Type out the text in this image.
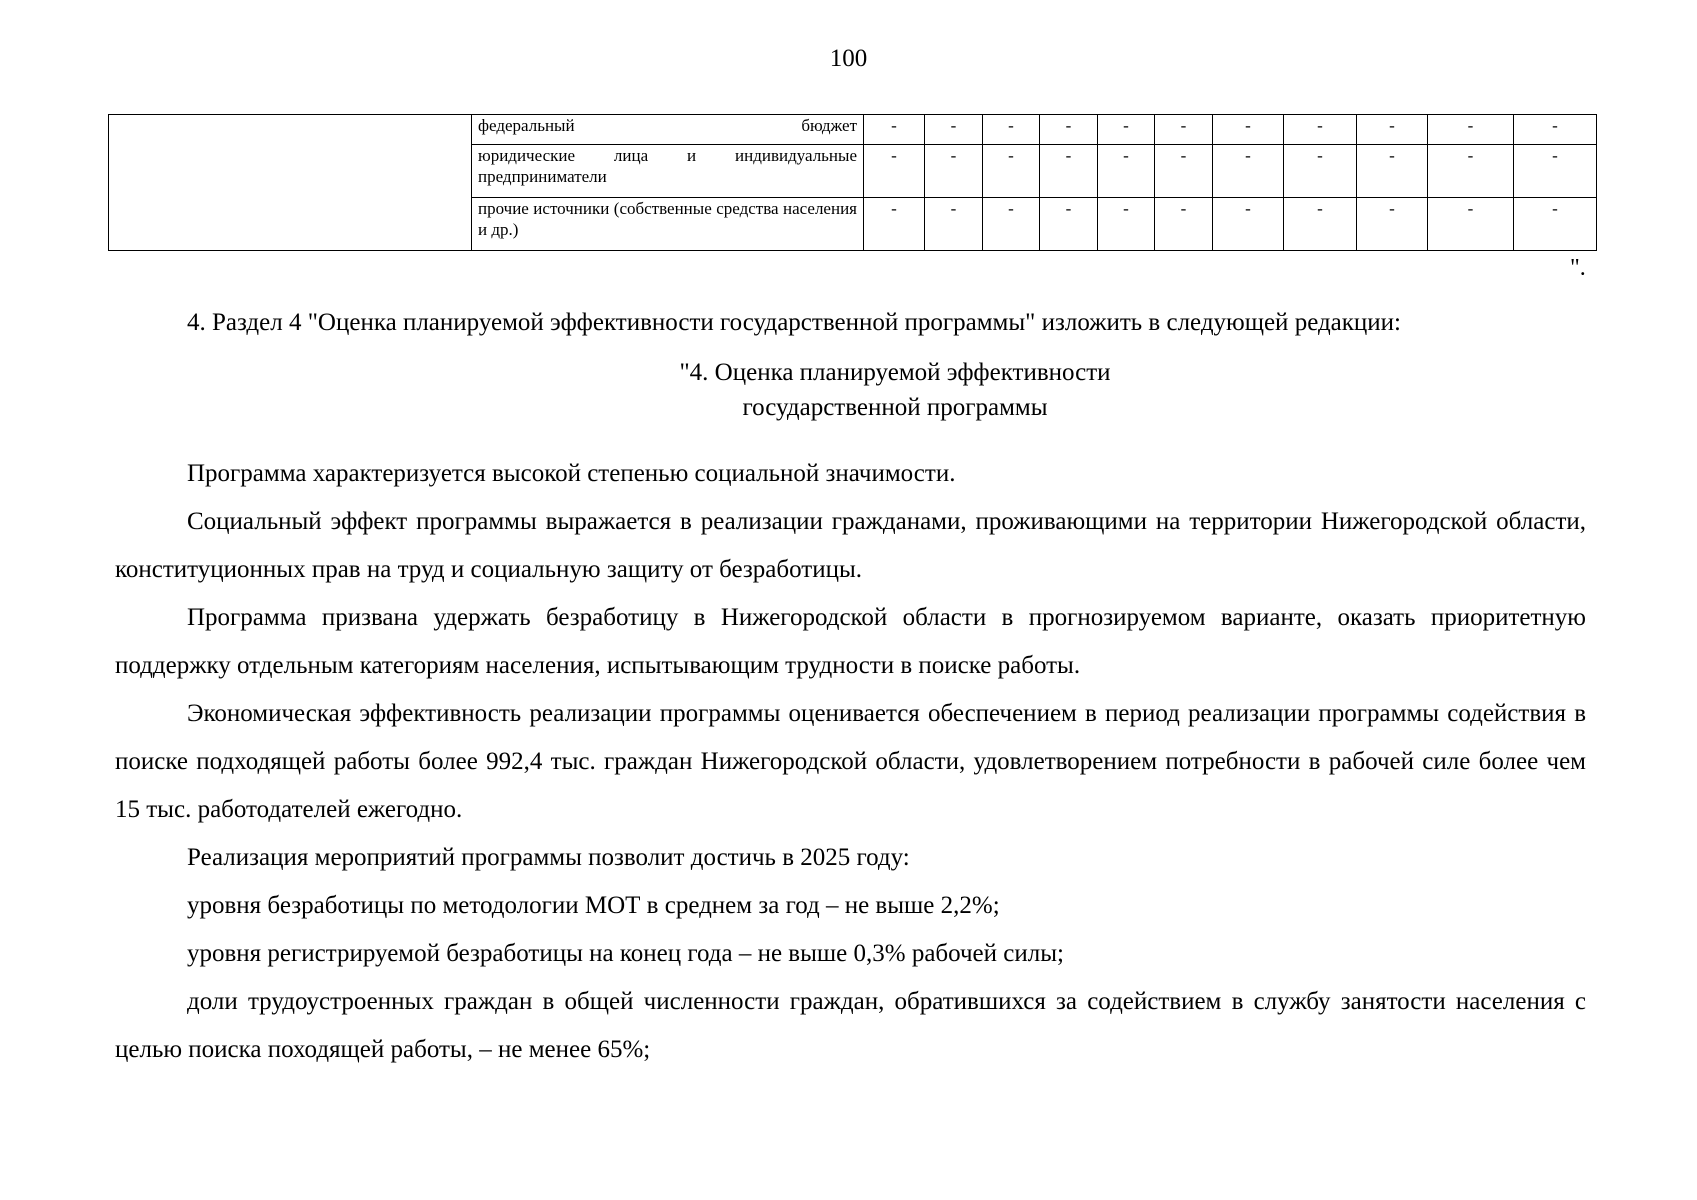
100
	федеральный бюджет	-	-	-	-	-	-	-	-	-	-	-
	юридические лица и индивидуальные предприниматели	-	-	-	-	-	-	-	-	-	-	-
	прочие источники (собственные средства населения и др.)	-	-	-	-	-	-	-	-	-	-	-
".

4. Раздел 4 "Оценка планируемой эффективности государственной программы" изложить в следующей редакции:

"4. Оценка планируемой эффективности
государственной программы

Программа характеризуется высокой степенью социальной значимости.

Социальный эффект программы выражается в реализации гражданами, проживающими на территории Нижегородской области, конституционных прав на труд и социальную защиту от безработицы.

Программа призвана удержать безработицу в Нижегородской области в прогнозируемом варианте, оказать приоритетную поддержку отдельным категориям населения, испытывающим трудности в поиске работы.

Экономическая эффективность реализации программы оценивается обеспечением в период реализации программы содействия в поиске подходящей работы более 992,4 тыс. граждан Нижегородской области, удовлетворением потребности в рабочей силе более чем 15 тыс. работодателей ежегодно.

Реализация мероприятий программы позволит достичь в 2025 году:

уровня безработицы по методологии МОТ в среднем за год – не выше 2,2%;

уровня регистрируемой безработицы на конец года – не выше 0,3% рабочей силы;

доли трудоустроенных граждан в общей численности граждан, обратившихся за содействием в службу занятости населения с целью поиска походящей работы, – не менее 65%;
